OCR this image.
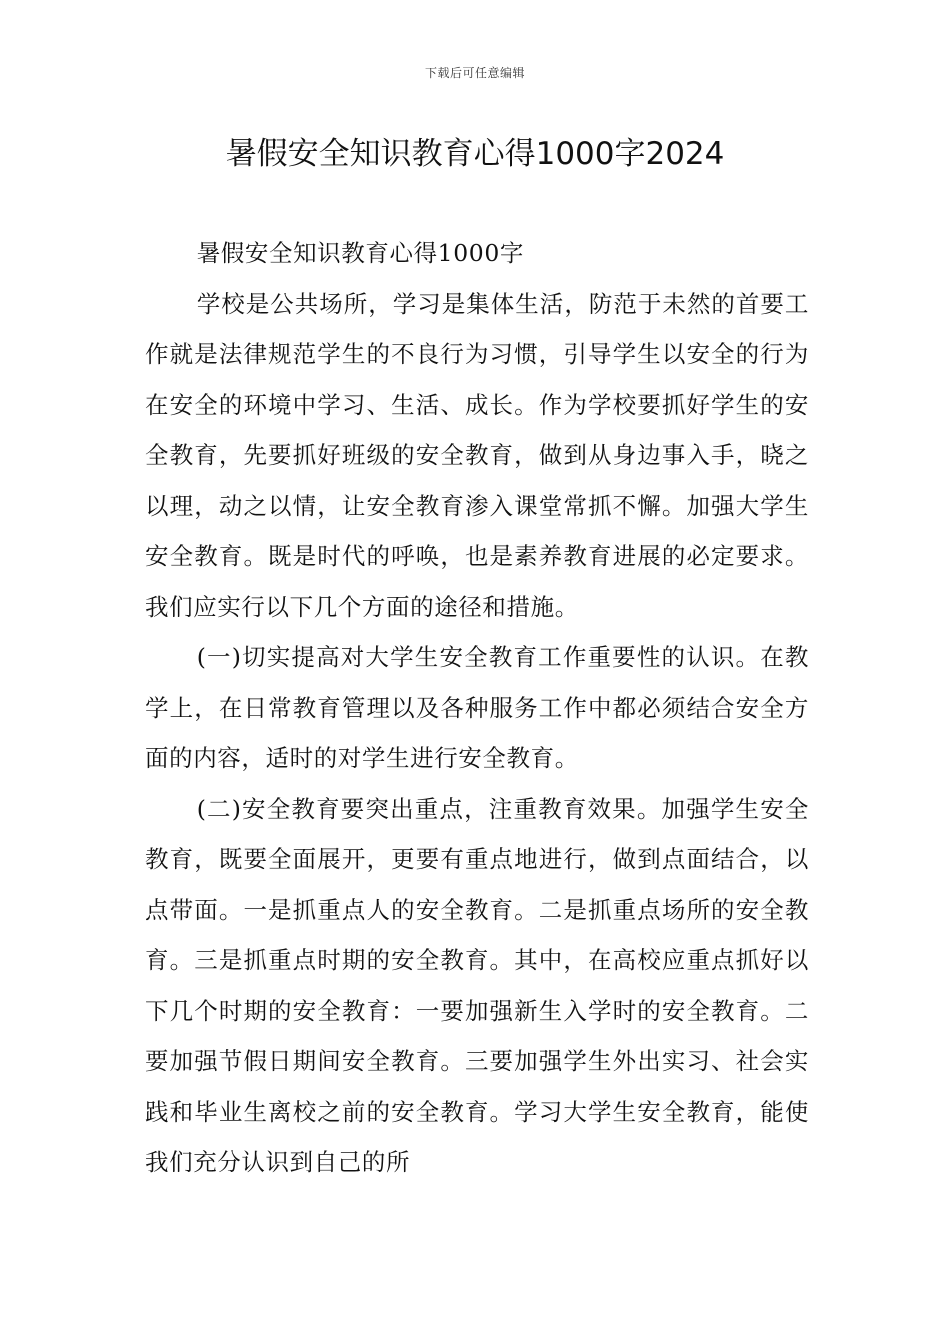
下载后可任意编辑
暑假安全知识教育心得1000字2024

暑假安全知识教育心得1000字

学校是公共场所，学习是集体生活，防范于未然的首要工作就是法律规范学生的不良行为习惯，引导学生以安全的行为在安全的环境中学习、生活、成长。作为学校要抓好学生的安全教育，先要抓好班级的安全教育，做到从身边事入手，晓之以理，动之以情，让安全教育渗入课堂常抓不懈。加强大学生安全教育。既是时代的呼唤，也是素养教育进展的必定要求。我们应实行以下几个方面的途径和措施。

(一)切实提高对大学生安全教育工作重要性的认识。在教学上，在日常教育管理以及各种服务工作中都必须结合安全方面的内容，适时的对学生进行安全教育。

(二)安全教育要突出重点，注重教育效果。加强学生安全教育，既要全面展开，更要有重点地进行，做到点面结合，以点带面。一是抓重点人的安全教育。二是抓重点场所的安全教育。三是抓重点时期的安全教育。其中，在高校应重点抓好以下几个时期的安全教育：一要加强新生入学时的安全教育。二要加强节假日期间安全教育。三要加强学生外出实习、社会实践和毕业生离校之前的安全教育。学习大学生安全教育，能使我们充分认识到自己的所
